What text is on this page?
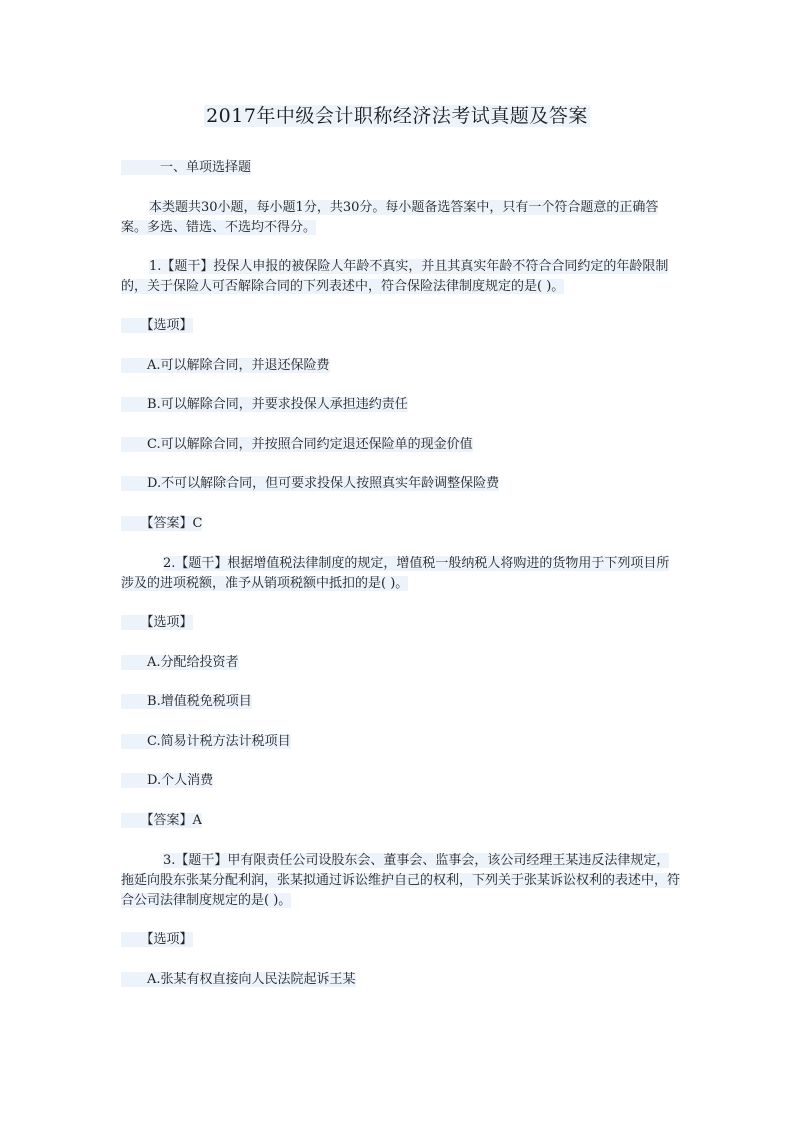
2017年中级会计职称经济法考试真题及答案
　　　一、单项选择题
本类题共30小题，每小题1分，共30分。每小题备选答案中，只有一个符合题意的正确答案。多选、错选、不选均不得分。
1.【题干】投保人申报的被保险人年龄不真实，并且其真实年龄不符合合同约定的年龄限制的，关于保险人可否解除合同的下列表述中，符合保险法律制度规定的是( )。
　　【选项】
　　A.可以解除合同，并退还保险费
　　B.可以解除合同，并要求投保人承担违约责任
　　C.可以解除合同，并按照合同约定退还保险单的现金价值
　　D.不可以解除合同，但可要求投保人按照真实年龄调整保险费
　　【答案】C
2.【题干】根据增值税法律制度的规定，增值税一般纳税人将购进的货物用于下列项目所涉及的进项税额，准予从销项税额中抵扣的是( )。
　　【选项】
　　A.分配给投资者
　　B.增值税免税项目
　　C.简易计税方法计税项目
　　D.个人消费
　　【答案】A
3.【题干】甲有限责任公司设股东会、董事会、监事会，该公司经理王某违反法律规定，拖延向股东张某分配利润，张某拟通过诉讼维护自己的权利，下列关于张某诉讼权利的表述中，符合公司法律制度规定的是( )。
　　【选项】
　　A.张某有权直接向人民法院起诉王某
